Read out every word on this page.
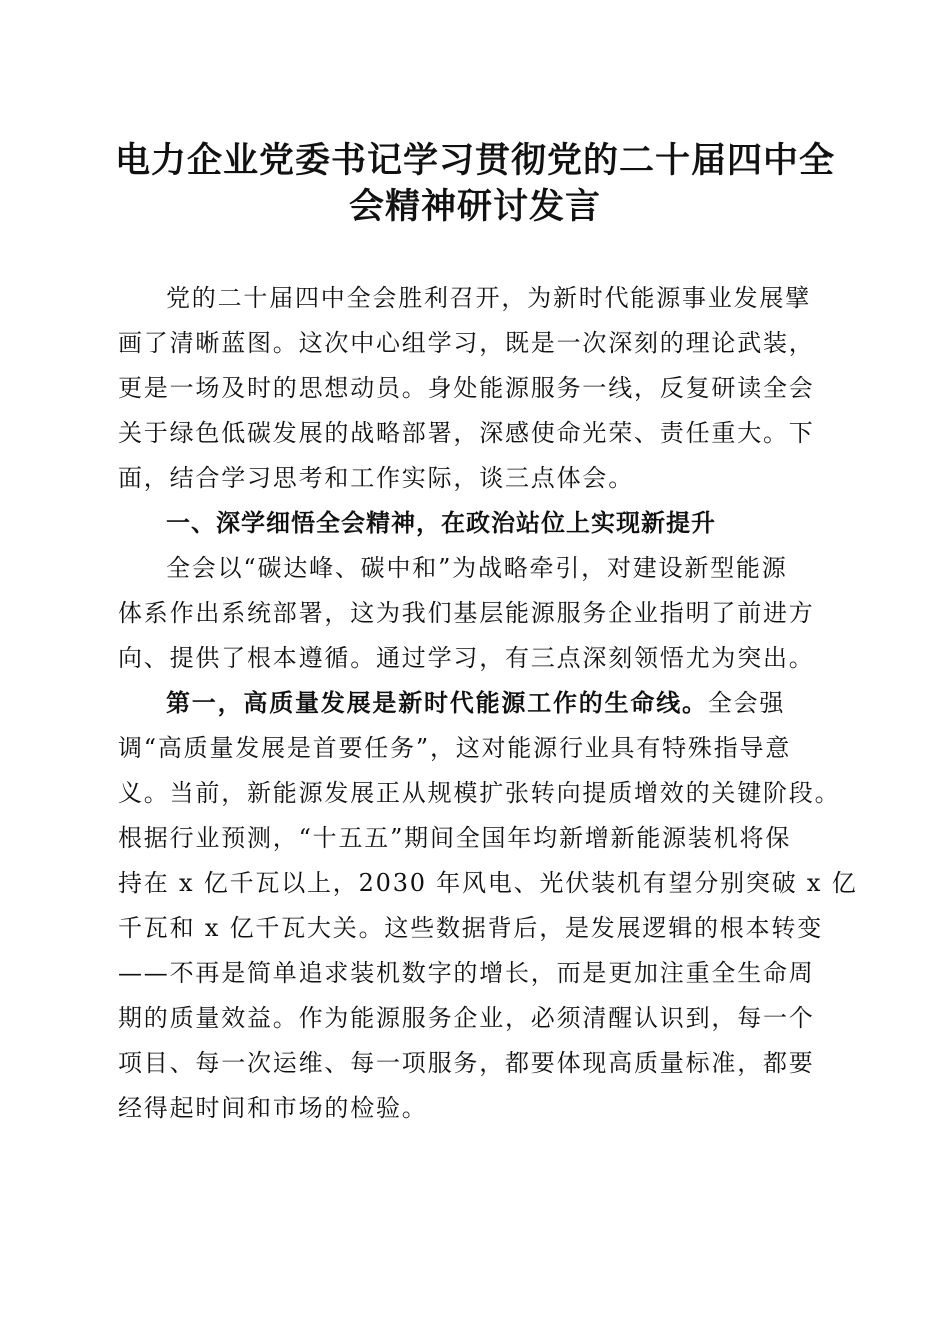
电力企业党委书记学习贯彻党的二十届四中全
会精神研讨发言
党的二十届四中全会胜利召开，为新时代能源事业发展擘
画了清晰蓝图。这次中心组学习，既是一次深刻的理论武装，
更是一场及时的思想动员。身处能源服务一线，反复研读全会
关于绿色低碳发展的战略部署，深感使命光荣、责任重大。下
面，结合学习思考和工作实际，谈三点体会。
一、深学细悟全会精神，在政治站位上实现新提升
全会以“碳达峰、碳中和”为战略牵引，对建设新型能源
体系作出系统部署，这为我们基层能源服务企业指明了前进方
向、提供了根本遵循。通过学习，有三点深刻领悟尤为突出。
第一，高质量发展是新时代能源工作的生命线。全会强
调“高质量发展是首要任务”，这对能源行业具有特殊指导意
义。当前，新能源发展正从规模扩张转向提质增效的关键阶段。
根据行业预测，“十五五”期间全国年均新增新能源装机将保
持在 x 亿千瓦以上，2030 年风电、光伏装机有望分别突破 x 亿
千瓦和 x 亿千瓦大关。这些数据背后，是发展逻辑的根本转变
——不再是简单追求装机数字的增长，而是更加注重全生命周
期的质量效益。作为能源服务企业，必须清醒认识到，每一个
项目、每一次运维、每一项服务，都要体现高质量标准，都要
经得起时间和市场的检验。
